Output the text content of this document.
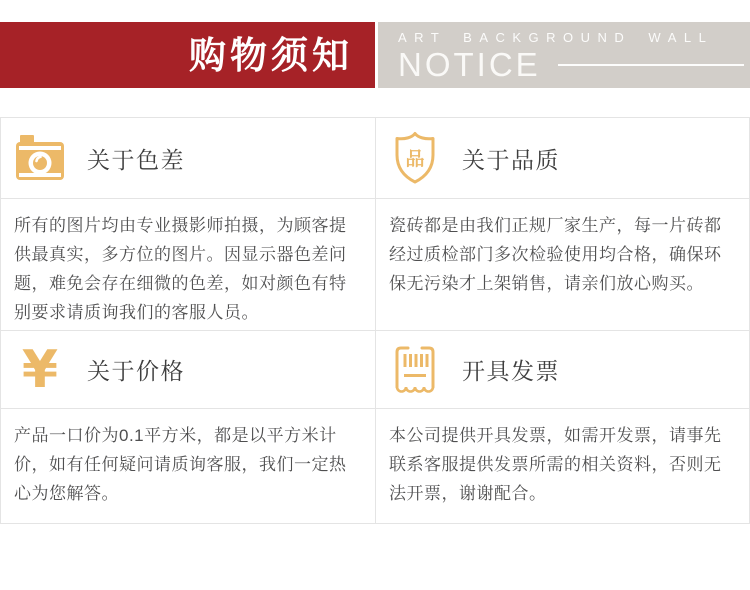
购物须知	ART BACKGROUND WALL
NOTICE
关于色差

所有的图片均由专业摄影师拍摄，为顾客提供最真实，多方位的图片。因显示器色差问题，难免会存在细微的色差，如对颜色有特别要求请质询我们的客服人员。

品 关于品质

瓷砖都是由我们正规厂家生产，每一片砖都经过质检部门多次检验使用均合格，确保环保无污染才上架销售，请亲们放心购买。

¥ 关于价格

产品一口价为0.1平方米，都是以平方米计价，如有任何疑问请质询客服，我们一定热心为您解答。

开具发票

本公司提供开具发票，如需开发票，请事先联系客服提供发票所需的相关资料，否则无法开票，谢谢配合。
